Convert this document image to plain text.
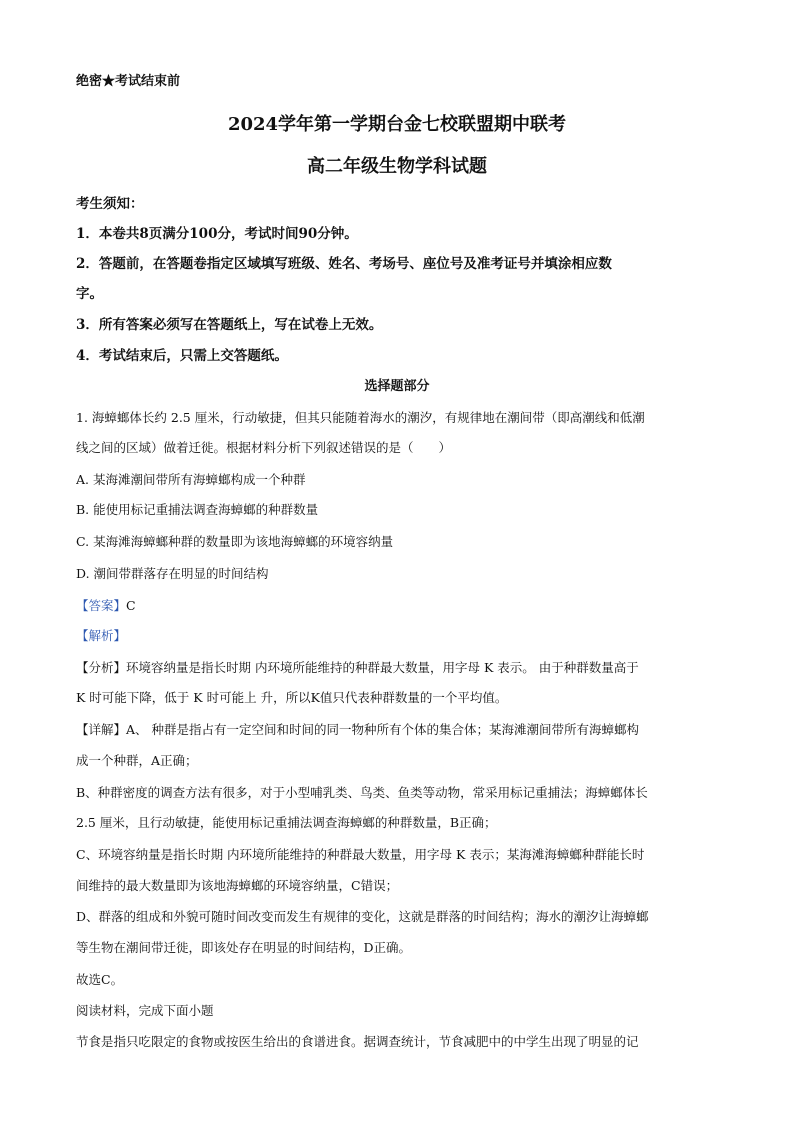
绝密★考试结束前
2024学年第一学期台金七校联盟期中联考
高二年级生物学科试题
考生须知：
1．本卷共8页满分100分，考试时间90分钟。
2．答题前，在答题卷指定区域填写班级、姓名、考场号、座位号及准考证号并填涂相应数
字。
3．所有答案必须写在答题纸上，写在试卷上无效。
4．考试结束后，只需上交答题纸。
选择题部分
1. 海蟑螂体长约 2.5 厘米，行动敏捷，但其只能随着海水的潮汐，有规律地在潮间带（即高潮线和低潮
线之间的区域）做着迁徙。根据材料分析下列叙述错误的是（　　）
A. 某海滩潮间带所有海蟑螂构成一个种群
B. 能使用标记重捕法调查海蟑螂的种群数量
C. 某海滩海蟑螂种群的数量即为该地海蟑螂的环境容纳量
D. 潮间带群落存在明显的时间结构
【答案】C
【解析】
【分析】环境容纳量是指长时期 内环境所能维持的种群最大数量，用字母 K 表示。 由于种群数量高于
K 时可能下降，低于 K 时可能上 升，所以K值只代表种群数量的一个平均值。
【详解】A、 种群是指占有一定空间和时间的同一物种所有个体的集合体；某海滩潮间带所有海蟑螂构
成一个种群，A正确；
B、种群密度的调查方法有很多，对于小型哺乳类、鸟类、鱼类等动物，常采用标记重捕法；海蟑螂体长
2.5 厘米，且行动敏捷，能使用标记重捕法调查海蟑螂的种群数量，B正确；
C、环境容纳量是指长时期 内环境所能维持的种群最大数量，用字母 K 表示；某海滩海蟑螂种群能长时
间维持的最大数量即为该地海蟑螂的环境容纳量，C错误；
D、群落的组成和外貌可随时间改变而发生有规律的变化，这就是群落的时间结构；海水的潮汐让海蟑螂
等生物在潮间带迁徙，即该处存在明显的时间结构，D正确。
故选C。
阅读材料，完成下面小题
节食是指只吃限定的食物或按医生给出的食谱进食。据调查统计，节食减肥中的中学生出现了明显的记
